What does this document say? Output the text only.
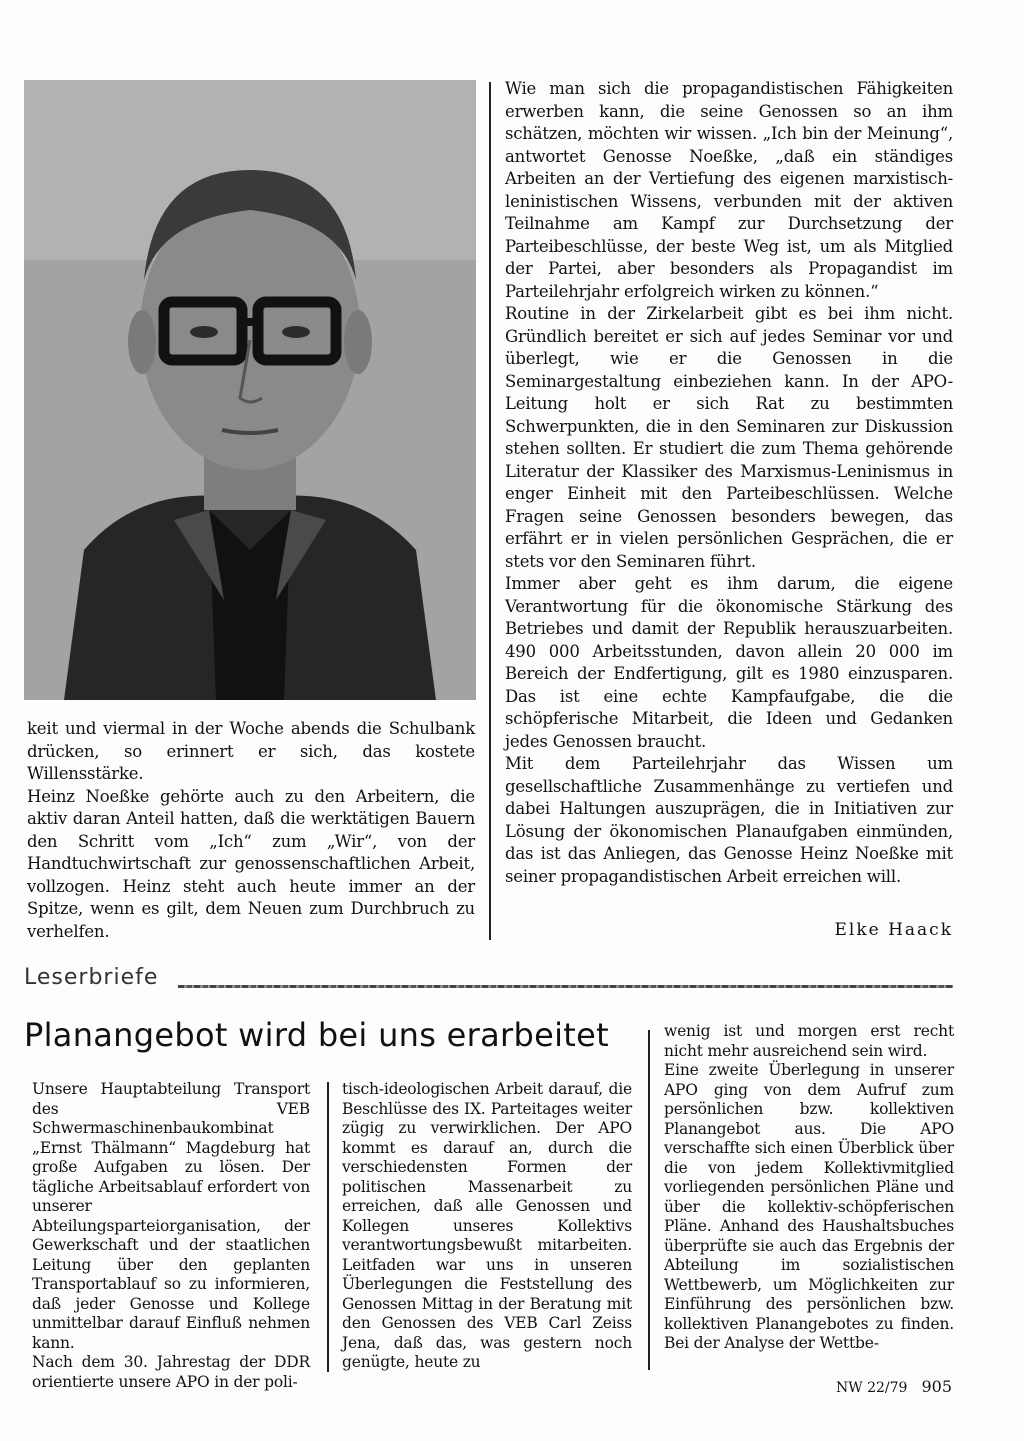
keit und viermal in der Woche abends die Schulbank drücken, so erinnert er sich, das kostete Willensstärke.

Heinz Noeßke gehörte auch zu den Arbeitern, die aktiv daran Anteil hatten, daß die werktätigen Bauern den Schritt vom „Ich“ zum „Wir“, von der Handtuchwirtschaft zur genossenschaftlichen Arbeit, vollzogen. Heinz steht auch heute immer an der Spitze, wenn es gilt, dem Neuen zum Durchbruch zu verhelfen.

Wie man sich die propagandistischen Fähigkeiten erwerben kann, die seine Genossen so an ihm schätzen, möchten wir wissen. „Ich bin der Meinung“, antwortet Genosse Noeßke, „daß ein ständiges Arbeiten an der Vertiefung des eigenen marxistisch-leninistischen Wissens, verbunden mit der aktiven Teilnahme am Kampf zur Durchsetzung der Parteibeschlüsse, der beste Weg ist, um als Mitglied der Partei, aber besonders als Propagandist im Parteilehrjahr erfolgreich wirken zu können.“

Routine in der Zirkelarbeit gibt es bei ihm nicht. Gründlich bereitet er sich auf jedes Seminar vor und überlegt, wie er die Genossen in die Seminargestaltung einbeziehen kann. In der APO-Leitung holt er sich Rat zu bestimmten Schwerpunkten, die in den Seminaren zur Diskussion stehen sollten. Er studiert die zum Thema gehörende Literatur der Klassiker des Marxismus-Leninismus in enger Einheit mit den Parteibeschlüssen. Welche Fragen seine Genossen besonders bewegen, das erfährt er in vielen persönlichen Gesprächen, die er stets vor den Seminaren führt.

Immer aber geht es ihm darum, die eigene Verantwortung für die ökonomische Stärkung des Betriebes und damit der Republik herauszuarbeiten. 490 000 Arbeitsstunden, davon allein 20 000 im Bereich der Endfertigung, gilt es 1980 einzusparen. Das ist eine echte Kampfaufgabe, die die schöpferische Mitarbeit, die Ideen und Gedanken jedes Genossen braucht.

Mit dem Parteilehrjahr das Wissen um gesellschaftliche Zusammenhänge zu vertiefen und dabei Haltungen auszuprägen, die in Initiativen zur Lösung der ökonomischen Planaufgaben einmünden, das ist das Anliegen, das Genosse Heinz Noeßke mit seiner propagandistischen Arbeit erreichen will.

Elke Haack
Leserbriefe
Planangebot wird bei uns erarbeitet

Unsere Hauptabteilung Transport des VEB Schwermaschinenbaukombinat „Ernst Thälmann“ Magdeburg hat große Aufgaben zu lösen. Der tägliche Arbeitsablauf erfordert von unserer Abteilungsparteiorganisation, der Gewerkschaft und der staatlichen Leitung über den geplanten Transportablauf so zu informieren, daß jeder Genosse und Kollege unmittelbar darauf Einfluß nehmen kann.

Nach dem 30. Jahrestag der DDR orientierte unsere APO in der poli-

tisch-ideologischen Arbeit darauf, die Beschlüsse des IX. Parteitages weiter zügig zu verwirklichen. Der APO kommt es darauf an, durch die verschiedensten Formen der politischen Massenarbeit zu erreichen, daß alle Genossen und Kollegen unseres Kollektivs verantwortungsbewußt mitarbeiten. Leitfaden war uns in unseren Überlegungen die Feststellung des Genossen Mittag in der Beratung mit den Genossen des VEB Carl Zeiss Jena, daß das, was gestern noch genügte, heute zu

wenig ist und morgen erst recht nicht mehr ausreichend sein wird.

Eine zweite Überlegung in unserer APO ging von dem Aufruf zum persönlichen bzw. kollektiven Planangebot aus. Die APO verschaffte sich einen Überblick über die von jedem Kollektivmitglied vorliegenden persönlichen Pläne und über die kollektiv-schöpferischen Pläne. Anhand des Haushaltsbuches überprüfte sie auch das Ergebnis der Abteilung im sozialistischen Wettbewerb, um Möglichkeiten zur Einführung des persönlichen bzw. kollektiven Planangebotes zu finden. Bei der Analyse der Wettbe-

NW 22/79 905
